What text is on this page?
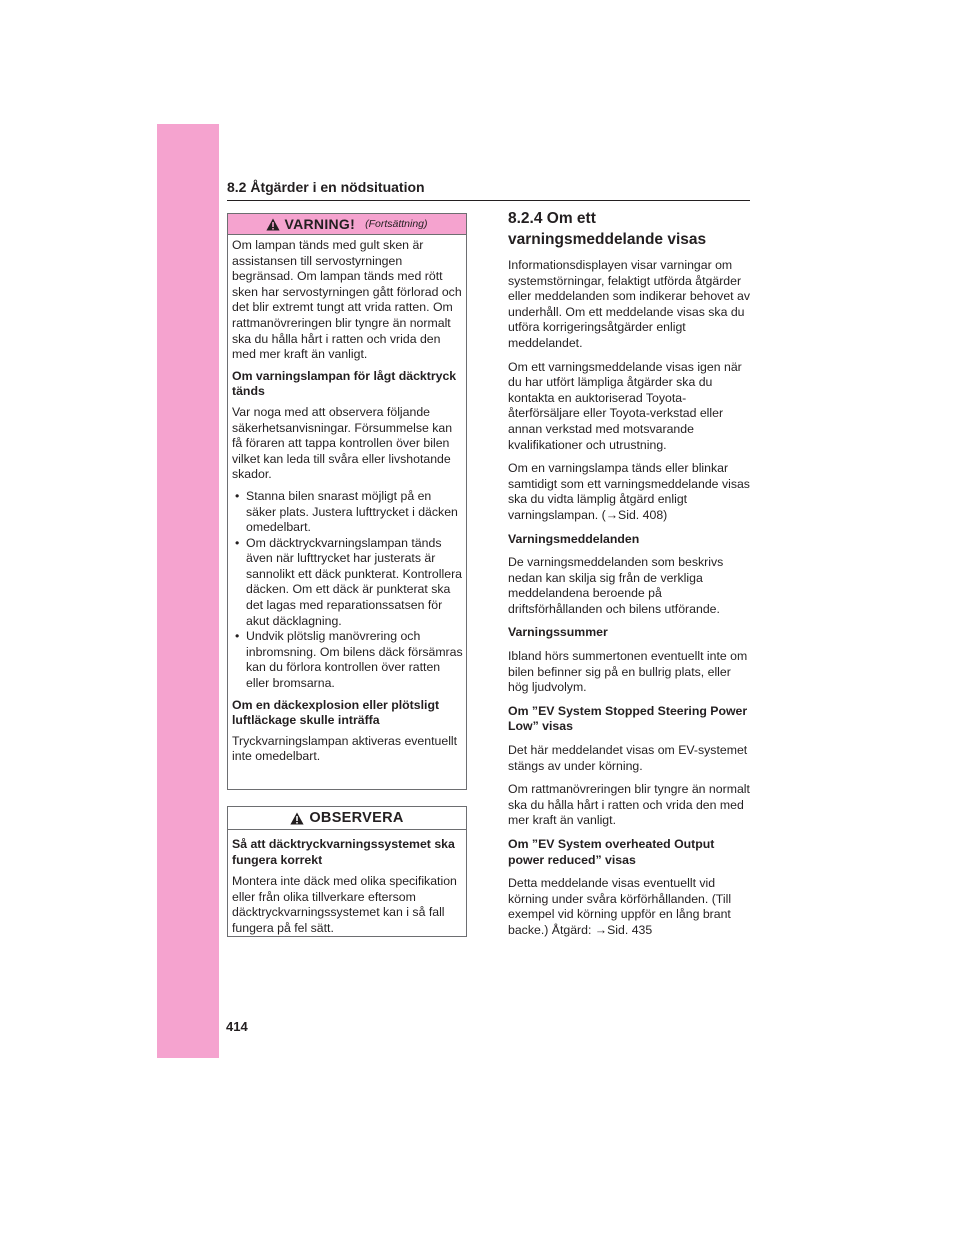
8.2 Åtgärder i en nödsituation
VARNING! (Fortsättning)

Om lampan tänds med gult sken är assistansen till servostyrningen begränsad. Om lampan tänds med rött sken har servostyrningen gått förlorad och det blir extremt tungt att vrida ratten. Om rattmanövreringen blir tyngre än normalt ska du hålla hårt i ratten och vrida den med mer kraft än vanligt.

Om varningslampan för lågt däcktryck tänds

Var noga med att observera följande säkerhetsanvisningar. Försummelse kan få föraren att tappa kontrollen över bilen vilket kan leda till svåra eller livshotande skador.

• Stanna bilen snarast möjligt på en säker plats. Justera lufttrycket i däcken omedelbart.
• Om däcktryckvarningslampan tänds även när lufttrycket har justerats är sannolikt ett däck punkterat. Kontrollera däcken. Om ett däck är punkterat ska det lagas med reparationssatsen för akut däcklagning.
• Undvik plötslig manövrering och inbromsning. Om bilens däck försämras kan du förlora kontrollen över ratten eller bromsarna.

Om en däckexplosion eller plötsligt luftläckage skulle inträffa

Tryckvarningslampan aktiveras eventuellt inte omedelbart.

OBSERVERA

Så att däcktryckvarningssystemet ska fungera korrekt

Montera inte däck med olika specifikation eller från olika tillverkare eftersom däcktryckvarningssystemet kan i så fall fungera på fel sätt.

8.2.4 Om ett varningsmeddelande visas

Informationsdisplayen visar varningar om systemstörningar, felaktigt utförda åtgärder eller meddelanden som indikerar behovet av underhåll. Om ett meddelande visas ska du utföra korrigeringsåtgärder enligt meddelandet.

Om ett varningsmeddelande visas igen när du har utfört lämpliga åtgärder ska du kontakta en auktoriserad Toyota-återförsäljare eller Toyota-verkstad eller annan verkstad med motsvarande kvalifikationer och utrustning.

Om en varningslampa tänds eller blinkar samtidigt som ett varningsmeddelande visas ska du vidta lämplig åtgärd enligt varningslampan. (→Sid. 408)

Varningsmeddelanden

De varningsmeddelanden som beskrivs nedan kan skilja sig från de verkliga meddelandena beroende på driftsförhållanden och bilens utförande.

Varningssummer

Ibland hörs summertonen eventuellt inte om bilen befinner sig på en bullrig plats, eller hög ljudvolym.

Om ”EV System Stopped Steering Power Low” visas

Det här meddelandet visas om EV-systemet stängs av under körning.

Om rattmanövreringen blir tyngre än normalt ska du hålla hårt i ratten och vrida den med mer kraft än vanligt.

Om ”EV System overheated Output power reduced” visas

Detta meddelande visas eventuellt vid körning under svåra körförhållanden. (Till exempel vid körning uppför en lång brant backe.) Åtgärd: →Sid. 435

414
